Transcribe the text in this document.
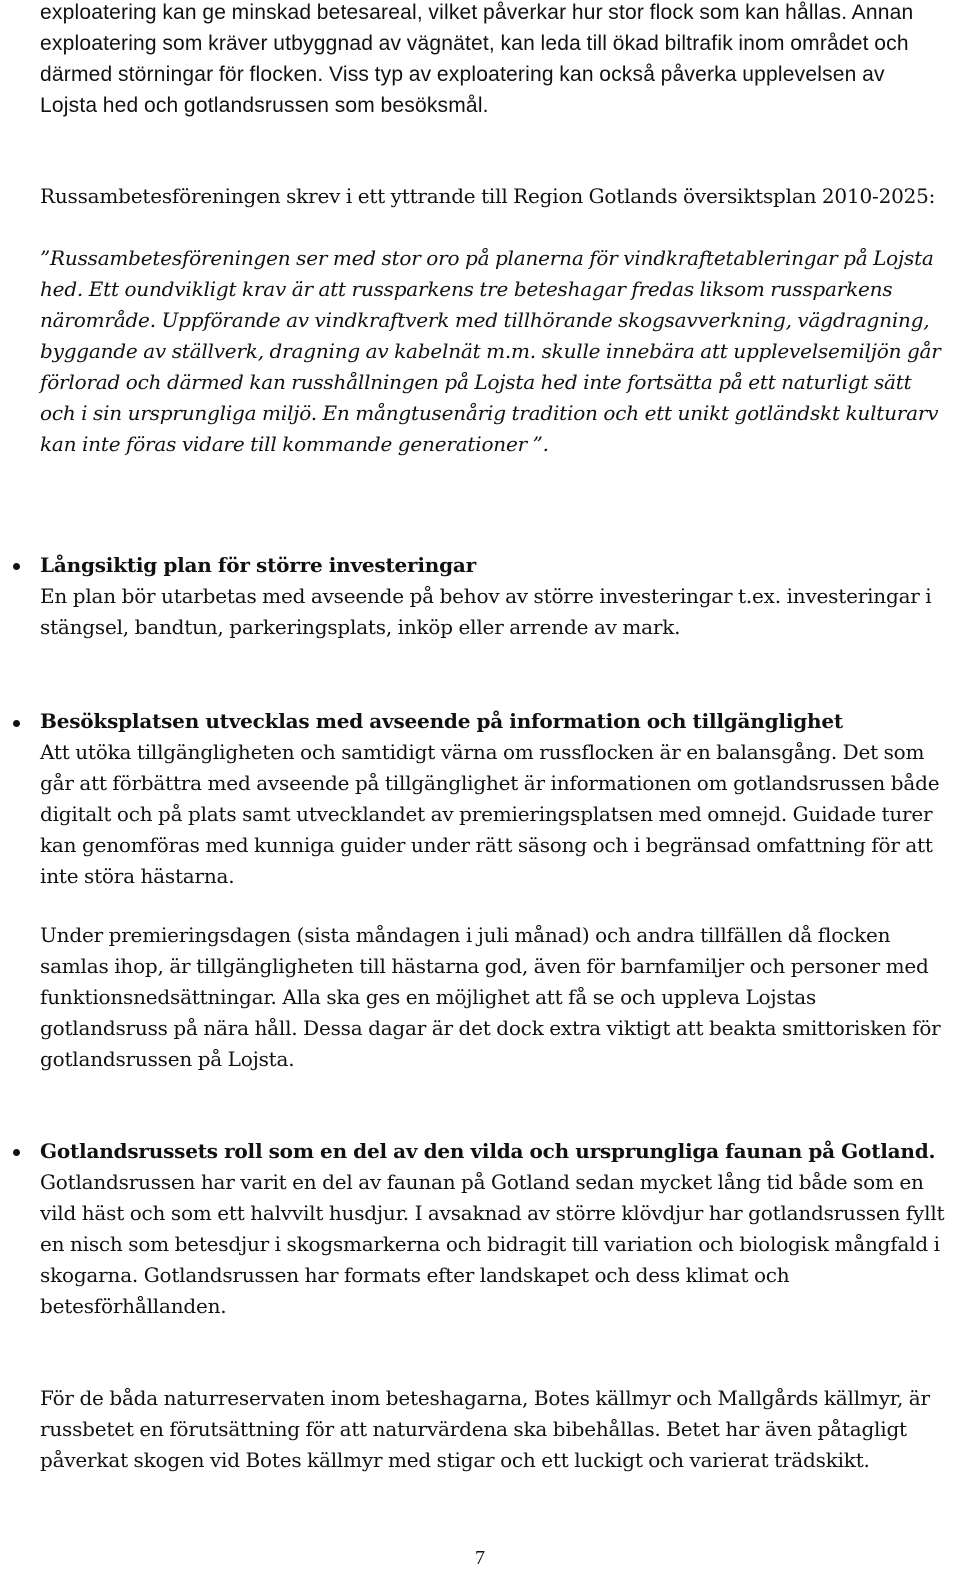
exploatering kan ge minskad betesareal, vilket påverkar hur stor flock som kan hållas. Annan exploatering som kräver utbyggnad av vägnätet, kan leda till ökad biltrafik inom området och därmed störningar för flocken. Viss typ av exploatering kan också påverka upplevelsen av Lojsta hed och gotlandsrussen som besöksmål.

Russambetesföreningen skrev i ett yttrande till Region Gotlands översiktsplan 2010-2025:

”Russambetesföreningen ser med stor oro på planerna för vindkraftetableringar på Lojsta hed. Ett oundvikligt krav är att russparkens tre beteshagar fredas liksom russparkens närområde. Uppförande av vindkraftverk med tillhörande skogsavverkning, vägdragning, byggande av ställverk, dragning av kabelnät m.m. skulle innebära att upplevelsemiljön går förlorad och därmed kan russhållningen på Lojsta hed inte fortsätta på ett naturligt sätt och i sin ursprungliga miljö. En mångtusenårig tradition och ett unikt gotländskt kulturarv kan inte föras vidare till kommande generationer ”.

Långsiktig plan för större investeringar
En plan bör utarbetas med avseende på behov av större investeringar t.ex. investeringar i stängsel, bandtun, parkeringsplats, inköp eller arrende av mark.

Besöksplatsen utvecklas med avseende på information och tillgänglighet
Att utöka tillgängligheten och samtidigt värna om russflocken är en balansgång. Det som går att förbättra med avseende på tillgänglighet är informationen om gotlandsrussen både digitalt och på plats samt utvecklandet av premieringsplatsen med omnejd. Guidade turer kan genomföras med kunniga guider under rätt säsong och i begränsad omfattning för att inte störa hästarna.

Under premieringsdagen (sista måndagen i juli månad) och andra tillfällen då flocken samlas ihop, är tillgängligheten till hästarna god, även för barnfamiljer och personer med funktionsnedsättningar. Alla ska ges en möjlighet att få se och uppleva Lojstas gotlandsruss på nära håll. Dessa dagar är det dock extra viktigt att beakta smittorisken för gotlandsrussen på Lojsta.

Gotlandsrussets roll som en del av den vilda och ursprungliga faunan på Gotland.
Gotlandsrussen har varit en del av faunan på Gotland sedan mycket lång tid både som en vild häst och som ett halvvilt husdjur. I avsaknad av större klövdjur har gotlandsrussen fyllt en nisch som betesdjur i skogsmarkerna och bidragit till variation och biologisk mångfald i skogarna. Gotlandsrussen har formats efter landskapet och dess klimat och betesförhållanden.

För de båda naturreservaten inom beteshagarna, Botes källmyr och Mallgårds källmyr, är russbetet en förutsättning för att naturvärdena ska bibehållas. Betet har även påtagligt påverkat skogen vid Botes källmyr med stigar och ett luckigt och varierat trädskikt.

7
